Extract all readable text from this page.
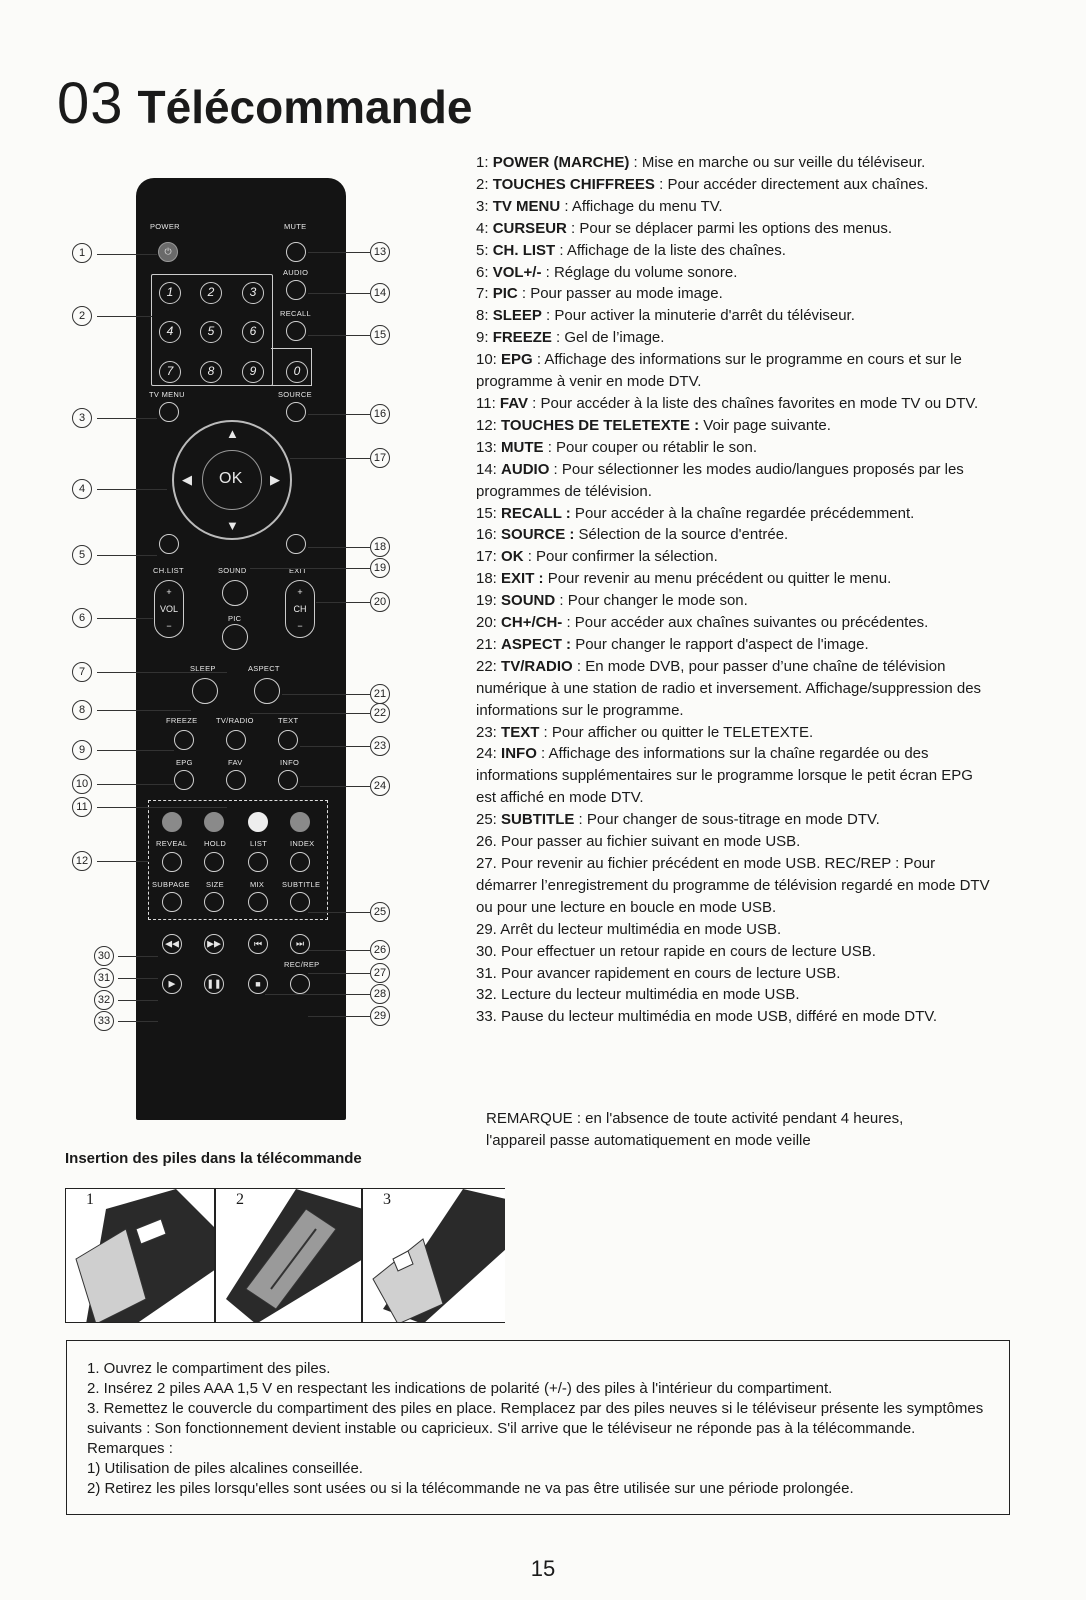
03 Télécommande
POWER	MUTE
⏻
AUDIO
RECALL
1	2	3
4	5	6
7	8	9	0
TV MENU	SOURCE
OK
▲
▼
◀	▶
CH.LIST	SOUND	EXIT
+
VOL
−
PIC
+
CH
−
SLEEP	ASPECT
FREEZE TV/RADIO	TEXT
EPG	FAV	INFO
REVEAL HOLD	LIST	INDEX
SUBPAGE SIZE	MIX SUBTITLE
◀◀	▶▶	⏮	⏭
REC/REP
▶	❚❚	■
1
2
3
4
5
6
7
8
9
10
11
12
30
31
32
33
13
14
15
16
17
18
19
20
21
22
23
24
25
26
27
28
29

1: POWER (MARCHE) : Mise en marche ou sur veille du téléviseur.

2: TOUCHES CHIFFREES : Pour accéder directement aux chaînes.

3: TV MENU : Affichage du menu TV.

4: CURSEUR : Pour se déplacer parmi les options des menus.

5: CH. LIST : Affichage de la liste des chaînes.

6: VOL+/- : Réglage du volume sonore.

7: PIC : Pour passer au mode image.

8: SLEEP : Pour activer la minuterie d'arrêt du téléviseur.

9: FREEZE : Gel de l’image.

10: EPG : Affichage des informations sur le programme en cours et sur le programme à venir en mode DTV.

11: FAV : Pour accéder à la liste des chaînes favorites en mode TV ou DTV.

12: TOUCHES DE TELETEXTE : Voir page suivante.

13: MUTE : Pour couper ou rétablir le son.

14: AUDIO : Pour sélectionner les modes audio/langues proposés par les programmes de télévision.

15: RECALL : Pour accéder à la chaîne regardée précédemment.

16: SOURCE : Sélection de la source d'entrée.

17: OK : Pour confirmer la sélection.

18: EXIT : Pour revenir au menu précédent ou quitter le menu.

19: SOUND : Pour changer le mode son.

20: CH+/CH- : Pour accéder aux chaînes suivantes ou précédentes.

21: ASPECT : Pour changer le rapport d'aspect de l'image.

22: TV/RADIO : En mode DVB, pour passer d’une chaîne de télévision numérique à une station de radio et inversement. Affichage/suppression des informations sur le programme.

23: TEXT : Pour afficher ou quitter le TELETEXTE.

24: INFO : Affichage des informations sur la chaîne regardée ou des informations supplémentaires sur le programme lorsque le petit écran EPG est affiché en mode DTV.

25: SUBTITLE : Pour changer de sous-titrage en mode DTV.

26. Pour passer au fichier suivant en mode USB.

27. Pour revenir au fichier précédent en mode USB. REC/REP : Pour démarrer l’enregistrement du programme de télévision regardé en mode DTV ou pour une lecture en boucle en mode USB.

29. Arrêt du lecteur multimédia en mode USB.

30. Pour effectuer un retour rapide en cours de lecture USB.

31. Pour avancer rapidement en cours de lecture USB.

32. Lecture du lecteur multimédia en mode USB.

33. Pause du lecteur multimédia en mode USB, différé en mode DTV.

REMARQUE : en l'absence de toute activité pendant 4 heures, l'appareil passe automatiquement en mode veille
Insertion des piles dans la télécommande
1	2	3

1. Ouvrez le compartiment des piles.

2. Insérez 2 piles AAA 1,5 V en respectant les indications de polarité (+/-) des piles à l'intérieur du compartiment.

3. Remettez le couvercle du compartiment des piles en place. Remplacez par des piles neuves si le téléviseur présente les symptômes suivants : Son fonctionnement devient instable ou capricieux. S'il arrive que le téléviseur ne réponde pas à la télécommande.

Remarques :

1) Utilisation de piles alcalines conseillée.

2) Retirez les piles lorsqu'elles sont usées ou si la télécommande ne va pas être utilisée sur une période prolongée.

15
